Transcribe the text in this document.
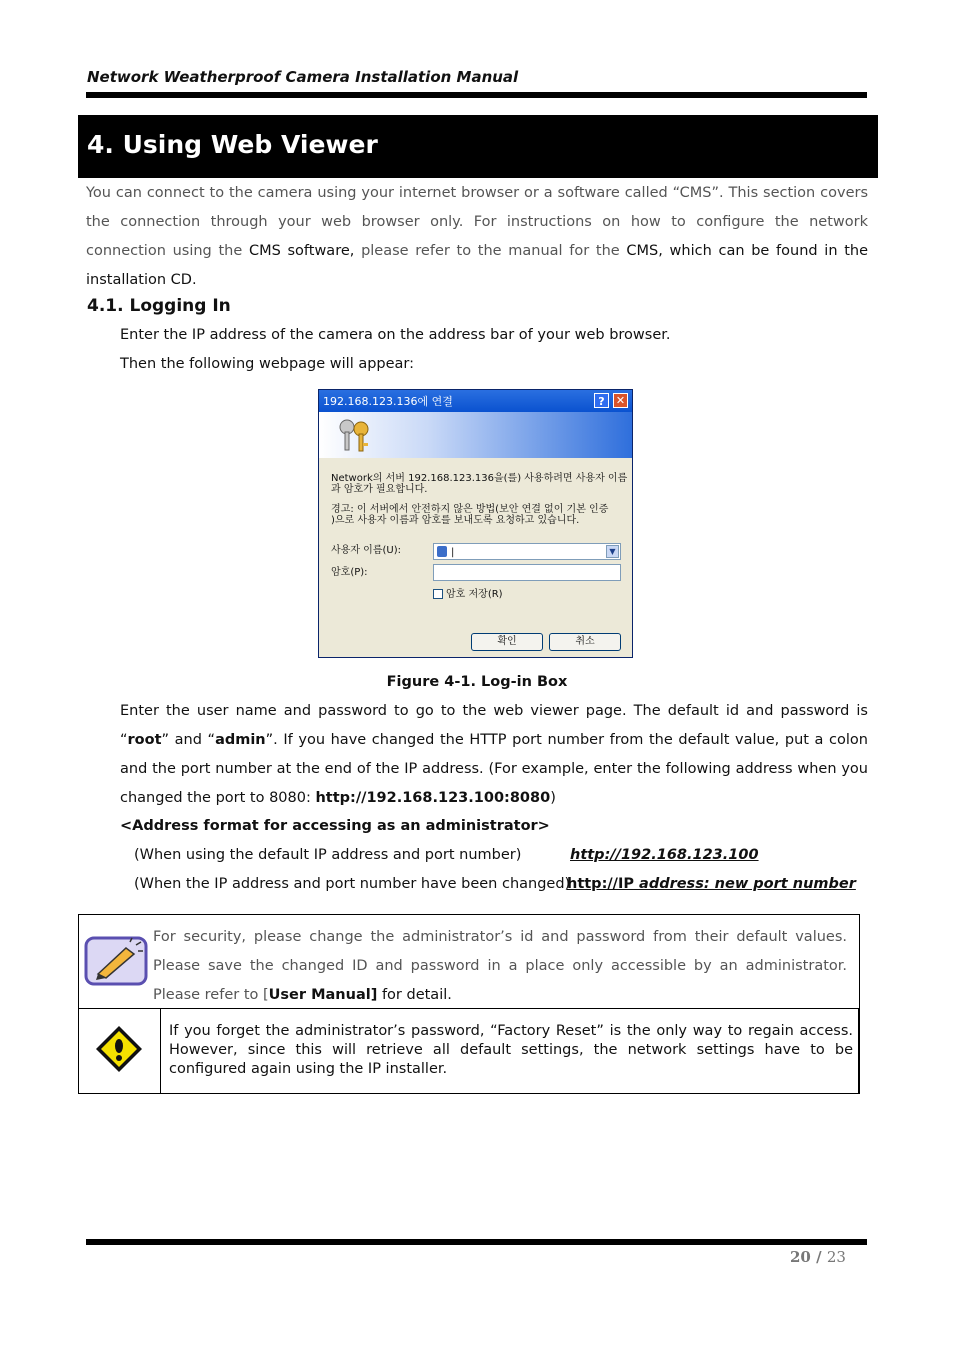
Network Weatherproof Camera Installation Manual
4. Using Web Viewer
You can connect to the camera using your internet browser or a software called “CMS”. This section covers the connection through your web browser only. For instructions on how to configure the network connection using the CMS software, please refer to the manual for the CMS, which can be found in the installation CD.
4.1. Logging In
Enter the IP address of the camera on the address bar of your web browser.
Then the following webpage will appear:
192.168.123.136에 연결	?	✕
Network의 서버 192.168.123.136을(를) 사용하려면 사용자 이름
과 암호가 필요합니다.
경고: 이 서버에서 안전하지 않은 방법(보안 연결 없이 기본 인증
)으로 사용자 이름과 암호를 보내도록 요청하고 있습니다.
사용자 이름(U):	|	▼
암호(P):
암호 저장(R)
확인	취소
Figure 4-1. Log-in Box
Enter the user name and password to go to the web viewer page. The default id and password is “root” and “admin”. If you have changed the HTTP port number from the default value, put a colon and the port number at the end of the IP address. (For example, enter the following address when you changed the port to 8080: http://192.168.123.100:8080)
<Address format for accessing as an administrator>
(When using the default IP address and port number)	http://192.168.123.100
(When the IP address and port number have been changed)
http://IP address: new port number
For security, please change the administrator’s id and password from their default values. Please save the changed ID and password in a place only accessible by an administrator. Please refer to [User Manual] for detail.
If you forget the administrator’s password, “Factory Reset” is the only way to regain access. However, since this will retrieve all default settings, the network settings have to be configured again using the IP installer.
20 / 23
